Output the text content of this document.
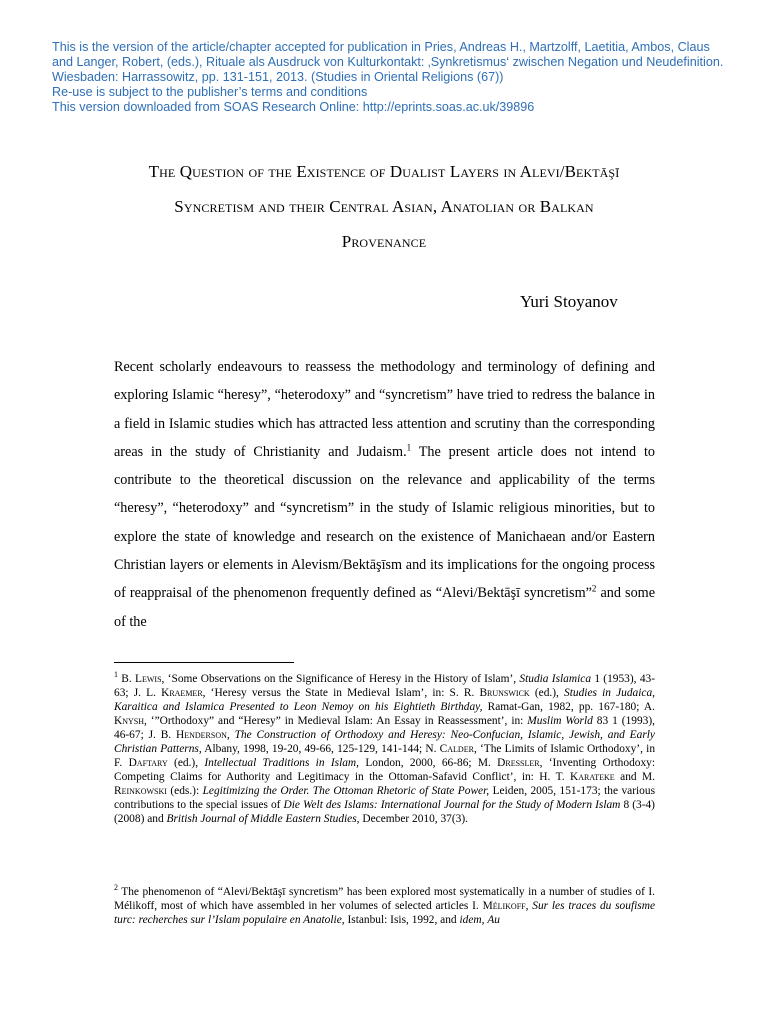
This is the version of the article/chapter accepted for publication in Pries, Andreas H., Martzolff, Laetitia, Ambos, Claus
and Langer, Robert, (eds.), Rituale als Ausdruck von Kulturkontakt: ‚Synkretismus‘ zwischen Negation und Neudefinition.
Wiesbaden: Harrassowitz, pp. 131-151, 2013. (Studies in Oriental Religions (67))
Re-use is subject to the publisher’s terms and conditions
This version downloaded from SOAS Research Online: http://eprints.soas.ac.uk/39896
The Question of the Existence of Dualist Layers in Alevi/Bektāşī
Syncretism and their Central Asian, Anatolian or Balkan
Provenance
Yuri Stoyanov
Recent scholarly endeavours to reassess the methodology and terminology of defining and exploring Islamic “heresy”, “heterodoxy” and “syncretism” have tried to redress the balance in a field in Islamic studies which has attracted less attention and scrutiny than the corresponding areas in the study of Christianity and Judaism.$^1$ The present article does not intend to contribute to the theoretical discussion on the relevance and applicability of the terms “heresy”, “heterodoxy” and “syncretism” in the study of Islamic religious minorities, but to explore the state of knowledge and research on the existence of Manichaean and/or Eastern Christian layers or elements in Alevism/Bektāşīsm and its implications for the ongoing process of reappraisal of the phenomenon frequently defined as “Alevi/Bektāşī syncretism”$^2$ and some of the
$^1$ B. Lewis, ‘Some Observations on the Significance of Heresy in the History of Islam’, Studia Islamica 1 (1953), 43-63; J. L. Kraemer, ‘Heresy versus the State in Medieval Islam’, in: S. R. Brunswick (ed.), Studies in Judaica, Karaitica and Islamica Presented to Leon Nemoy on his Eightieth Birthday, Ramat-Gan, 1982, pp. 167-180; A. Knysh, ‘”Orthodoxy” and “Heresy” in Medieval Islam: An Essay in Reassessment’, in: Muslim World 83 1 (1993), 46-67; J. B. Henderson, The Construction of Orthodoxy and Heresy: Neo-Confucian, Islamic, Jewish, and Early Christian Patterns, Albany, 1998, 19-20, 49-66, 125-129, 141-144; N. Calder, ‘The Limits of Islamic Orthodoxy’, in F. Daftary (ed.), Intellectual Traditions in Islam, London, 2000, 66-86; M. Dressler, ‘Inventing Orthodoxy: Competing Claims for Authority and Legitimacy in the Ottoman-Safavid Conflict’, in: H. T. Karateke and M. Reinkowski (eds.): Legitimizing the Order. The Ottoman Rhetoric of State Power, Leiden, 2005, 151-173; the various contributions to the special issues of Die Welt des Islams: International Journal for the Study of Modern Islam 8 (3-4) (2008) and British Journal of Middle Eastern Studies, December 2010, 37(3).
$^2$ The phenomenon of “Alevi/Bektāşī syncretism” has been explored most systematically in a number of studies of I. Mélikoff, most of which have assembled in her volumes of selected articles I. Mélikoff, Sur les traces du soufisme turc: recherches sur l’Islam populaire en Anatolie, Istanbul: Isis, 1992, and idem, Au
